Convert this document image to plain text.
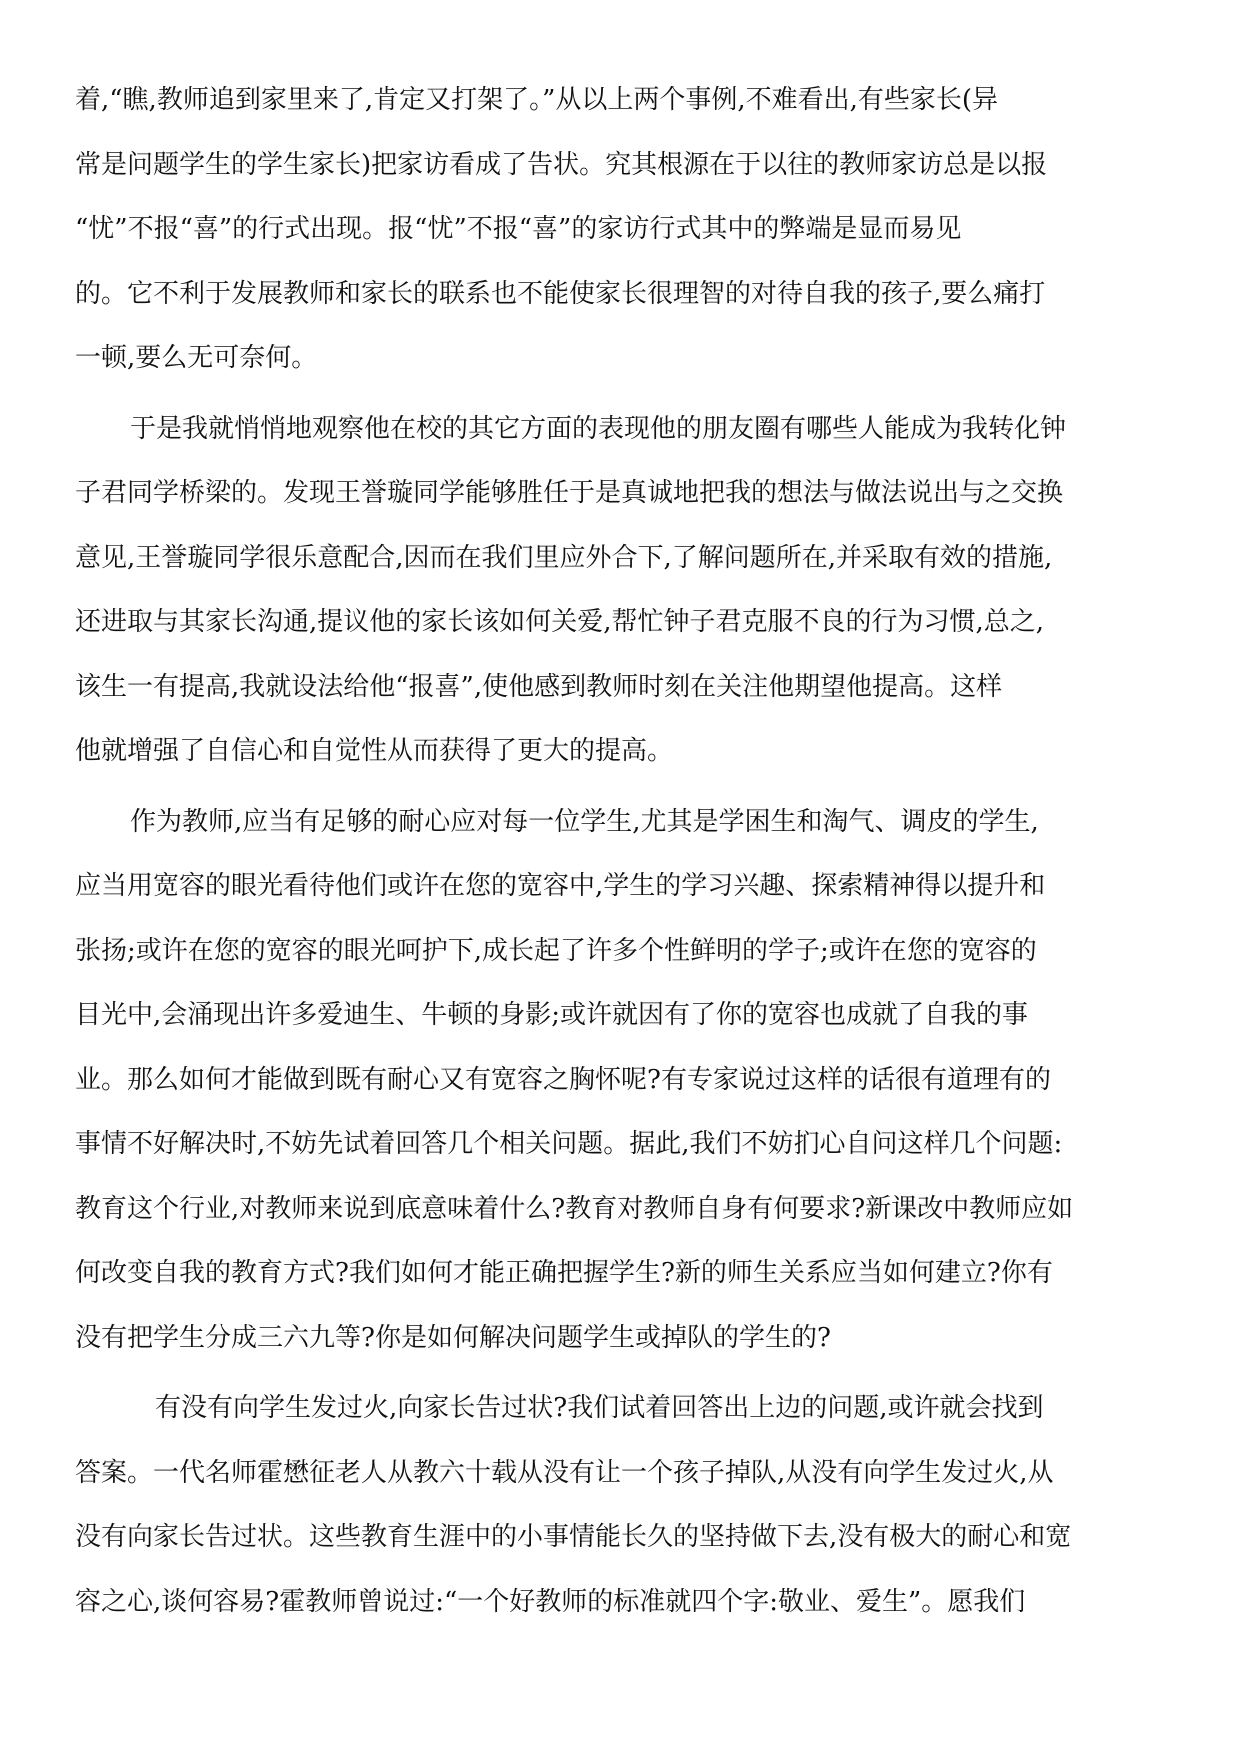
着,“瞧,教师追到家里来了,肯定又打架了。”从以上两个事例,不难看出,有些家长(异
常是问题学生的学生家长)把家访看成了告状。究其根源在于以往的教师家访总是以报
“忧”不报“喜”的行式出现。报“忧”不报“喜”的家访行式其中的弊端是显而易见
的。它不利于发展教师和家长的联系也不能使家长很理智的对待自我的孩子,要么痛打
一顿,要么无可奈何。
于是我就悄悄地观察他在校的其它方面的表现他的朋友圈有哪些人能成为我转化钟
子君同学桥梁的。发现王誉璇同学能够胜任于是真诚地把我的想法与做法说出与之交换
意见,王誉璇同学很乐意配合,因而在我们里应外合下,了解问题所在,并采取有效的措施,
还进取与其家长沟通,提议他的家长该如何关爱,帮忙钟子君克服不良的行为习惯,总之,
该生一有提高,我就设法给他“报喜”,使他感到教师时刻在关注他期望他提高。这样
他就增强了自信心和自觉性从而获得了更大的提高。
作为教师,应当有足够的耐心应对每一位学生,尤其是学困生和淘气、调皮的学生,
应当用宽容的眼光看待他们或许在您的宽容中,学生的学习兴趣、探索精神得以提升和
张扬;或许在您的宽容的眼光呵护下,成长起了许多个性鲜明的学子;或许在您的宽容的
目光中,会涌现出许多爱迪生、牛顿的身影;或许就因有了你的宽容也成就了自我的事
业。那么如何才能做到既有耐心又有宽容之胸怀呢?有专家说过这样的话很有道理有的
事情不好解决时,不妨先试着回答几个相关问题。据此,我们不妨扪心自问这样几个问题:
教育这个行业,对教师来说到底意味着什么?教育对教师自身有何要求?新课改中教师应如
何改变自我的教育方式?我们如何才能正确把握学生?新的师生关系应当如何建立?你有
没有把学生分成三六九等?你是如何解决问题学生或掉队的学生的?
有没有向学生发过火,向家长告过状?我们试着回答出上边的问题,或许就会找到
答案。一代名师霍懋征老人从教六十载从没有让一个孩子掉队,从没有向学生发过火,从
没有向家长告过状。这些教育生涯中的小事情能长久的坚持做下去,没有极大的耐心和宽
容之心,谈何容易?霍教师曾说过:“一个好教师的标准就四个字:敬业、爱生”。愿我们
